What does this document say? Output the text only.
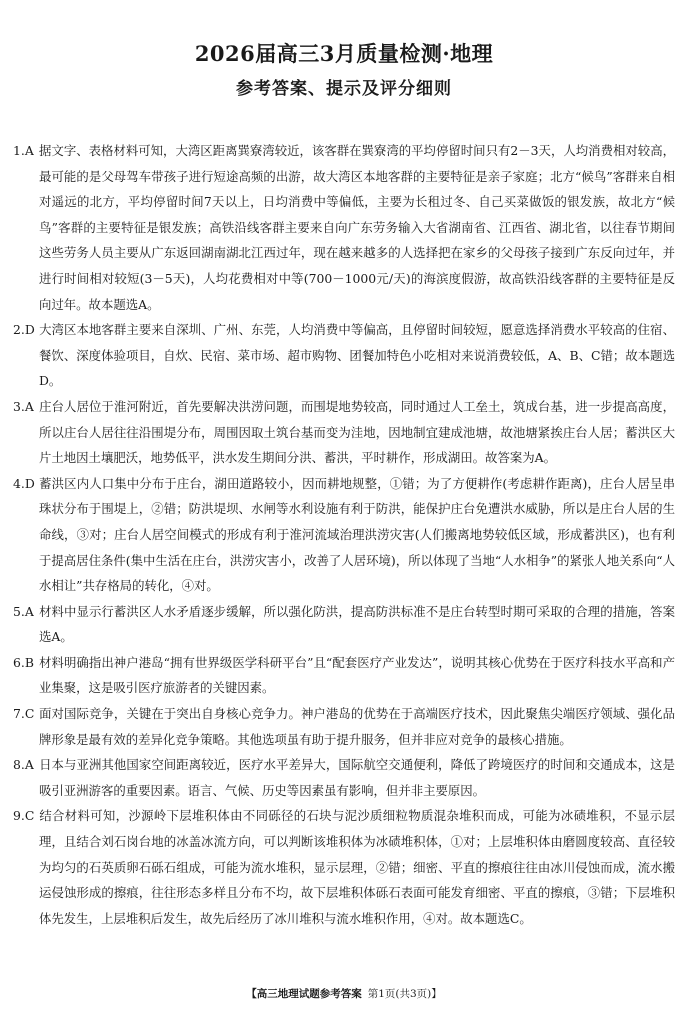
2026届高三3月质量检测·地理
参考答案、提示及评分细则

1.A 据文字、表格材料可知，大湾区距离巽寮湾较近，该客群在巽寮湾的平均停留时间只有2－3天，人均消费相对较高，最可能的是父母驾车带孩子进行短途高频的出游，故大湾区本地客群的主要特征是亲子家庭；北方“候鸟”客群来自相对遥远的北方，平均停留时间7天以上，日均消费中等偏低，主要为长租过冬、自己买菜做饭的银发族，故北方“候鸟”客群的主要特征是银发族；高铁沿线客群主要来自向广东劳务输入大省湖南省、江西省、湖北省，以往春节期间这些劳务人员主要从广东返回湖南湖北江西过年，现在越来越多的人选择把在家乡的父母孩子接到广东反向过年，并进行时间相对较短(3－5天)，人均花费相对中等(700－1000元/天)的海滨度假游，故高铁沿线客群的主要特征是反向过年。故本题选A。

2.D 大湾区本地客群主要来自深圳、广州、东莞，人均消费中等偏高，且停留时间较短，愿意选择消费水平较高的住宿、餐饮、深度体验项目，自炊、民宿、菜市场、超市购物、团餐加特色小吃相对来说消费较低，A、B、C错；故本题选D。

3.A 庄台人居位于淮河附近，首先要解决洪涝问题，而围堤地势较高，同时通过人工垒土，筑成台基，进一步提高高度，所以庄台人居往往沿围堤分布，周围因取土筑台基而变为洼地，因地制宜建成池塘，故池塘紧挨庄台人居；蓄洪区大片土地因土壤肥沃，地势低平，洪水发生期间分洪、蓄洪，平时耕作，形成湖田。故答案为A。

4.D 蓄洪区内人口集中分布于庄台，湖田道路较小，因而耕地规整，①错；为了方便耕作(考虑耕作距离)，庄台人居呈串珠状分布于围堤上，②错；防洪堤坝、水闸等水利设施有利于防洪，能保护庄台免遭洪水威胁，所以是庄台人居的生命线，③对；庄台人居空间模式的形成有利于淮河流域治理洪涝灾害(人们搬离地势较低区域，形成蓄洪区)，也有利于提高居住条件(集中生活在庄台，洪涝灾害小，改善了人居环境)，所以体现了当地“人水相争”的紧张人地关系向“人水相让”共存格局的转化，④对。

5.A 材料中显示行蓄洪区人水矛盾逐步缓解，所以强化防洪，提高防洪标准不是庄台转型时期可采取的合理的措施，答案选A。

6.B 材料明确指出神户港岛“拥有世界级医学科研平台”且“配套医疗产业发达”，说明其核心优势在于医疗科技水平高和产业集聚，这是吸引医疗旅游者的关键因素。

7.C 面对国际竞争，关键在于突出自身核心竞争力。神户港岛的优势在于高端医疗技术，因此聚焦尖端医疗领域、强化品牌形象是最有效的差异化竞争策略。其他选项虽有助于提升服务，但并非应对竞争的最核心措施。

8.A 日本与亚洲其他国家空间距离较近，医疗水平差异大，国际航空交通便利，降低了跨境医疗的时间和交通成本，这是吸引亚洲游客的重要因素。语言、气候、历史等因素虽有影响，但并非主要原因。

9.C 结合材料可知，沙源岭下层堆积体由不同砾径的石块与泥沙质细粒物质混杂堆积而成，可能为冰碛堆积，不显示层理，且结合刘石岗台地的冰盖冰流方向，可以判断该堆积体为冰碛堆积体，①对；上层堆积体由磨圆度较高、直径较为均匀的石英质卵石砾石组成，可能为流水堆积，显示层理，②错；细密、平直的擦痕往往由冰川侵蚀而成，流水搬运侵蚀形成的擦痕，往往形态多样且分布不均，故下层堆积体砾石表面可能发育细密、平直的擦痕，③错；下层堆积体先发生，上层堆积后发生，故先后经历了冰川堆积与流水堆积作用，④对。故本题选C。

【高三地理试题参考答案 第1页(共3页)】
